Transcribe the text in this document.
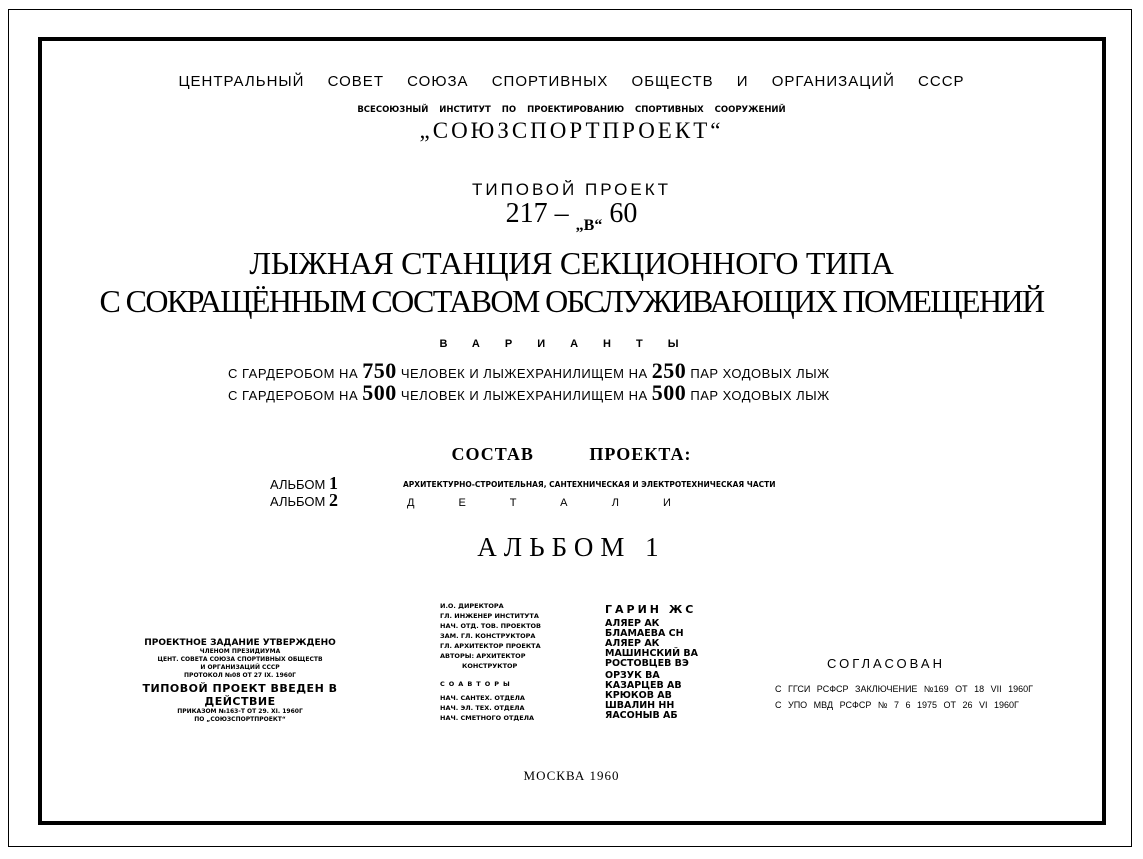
ЦЕНТРАЛЬНЫЙ СОВЕТ СОЮЗА СПОРТИВНЫХ ОБЩЕСТВ И ОРГАНИЗАЦИЙ СССР
ВСЕСОЮЗНЫЙ ИНСТИТУТ ПО ПРОЕКТИРОВАНИЮ СПОРТИВНЫХ СООРУЖЕНИЙ
„СОЮЗСПОРТПРОЕКТ“
ТИПОВОЙ ПРОЕКТ
217 – $_{„В“}$ 60
ЛЫЖНАЯ СТАНЦИЯ СЕКЦИОННОГО ТИПА
С СОКРАЩЁННЫМ СОСТАВОМ ОБСЛУЖИВАЮЩИХ ПОМЕЩЕНИЙ
ВАРИАНТЫ
С ГАРДЕРОБОМ НА 750 ЧЕЛОВЕК И ЛЫЖЕХРАНИЛИЩЕМ НА 250 ПАР ХОДОВЫХ ЛЫЖ
С ГАРДЕРОБОМ НА 500 ЧЕЛОВЕК И ЛЫЖЕХРАНИЛИЩЕМ НА 500 ПАР ХОДОВЫХ ЛЫЖ
СОСТАВ ПРОЕКТА:
АЛЬБОМ 1	АРХИТЕКТУРНО-СТРОИТЕЛЬНАЯ, САНТЕХНИЧЕСКАЯ И ЭЛЕКТРОТЕХНИЧЕСКАЯ ЧАСТИ
АЛЬБОМ 2	ДЕТАЛИ
АЛЬБОМ 1
ПРОЕКТНОЕ ЗАДАНИЕ УТВЕРЖДЕНО
ЧЛЕНОМ ПРЕЗИДИУМА
ЦЕНТ. СОВЕТА СОЮЗА СПОРТИВНЫХ ОБЩЕСТВ
И ОРГАНИЗАЦИЙ СССР
ПРОТОКОЛ №08 ОТ 27 IX. 1960Г
ТИПОВОЙ ПРОЕКТ ВВЕДЕН В ДЕЙСТВИЕ
ПРИКАЗОМ №163-Т ОТ 29. XI. 1960Г
ПО „СОЮЗСПОРТПРОЕКТ“
И.О. ДИРЕКТОРА
ГЛ. ИНЖЕНЕР ИНСТИТУТА
НАЧ. ОТД. ТОВ. ПРОЕКТОВ
ЗАМ. ГЛ. КОНСТРУКТОРА
ГЛ. АРХИТЕКТОР ПРОЕКТА
АВТОРЫ: АРХИТЕКТОР
КОНСТРУКТОР
СОАВТОРЫ
НАЧ. САНТЕХ. ОТДЕЛА
НАЧ. ЭЛ. ТЕХ. ОТДЕЛА
НАЧ. СМЕТНОГО ОТДЕЛА
ГАРИН ЖС
АЛЯЕР АК
БЛАМАЕВА СН
АЛЯЕР АК
МАШИНСКИЙ ВА
РОСТОВЦЕВ ВЭ
ОРЗУК ВА
КАЗАРЦЕВ АВ
КРЮКОВ АВ
ШВАЛИН НН
ЯАСОНЫВ АБ
СОГЛАСОВАН
С ГГСИ РСФСР ЗАКЛЮЧЕНИЕ №169 ОТ 18 VII 1960Г
С УПО МВД РСФСР № 7 6 1975 ОТ 26 VI 1960Г
МОСКВА 1960
